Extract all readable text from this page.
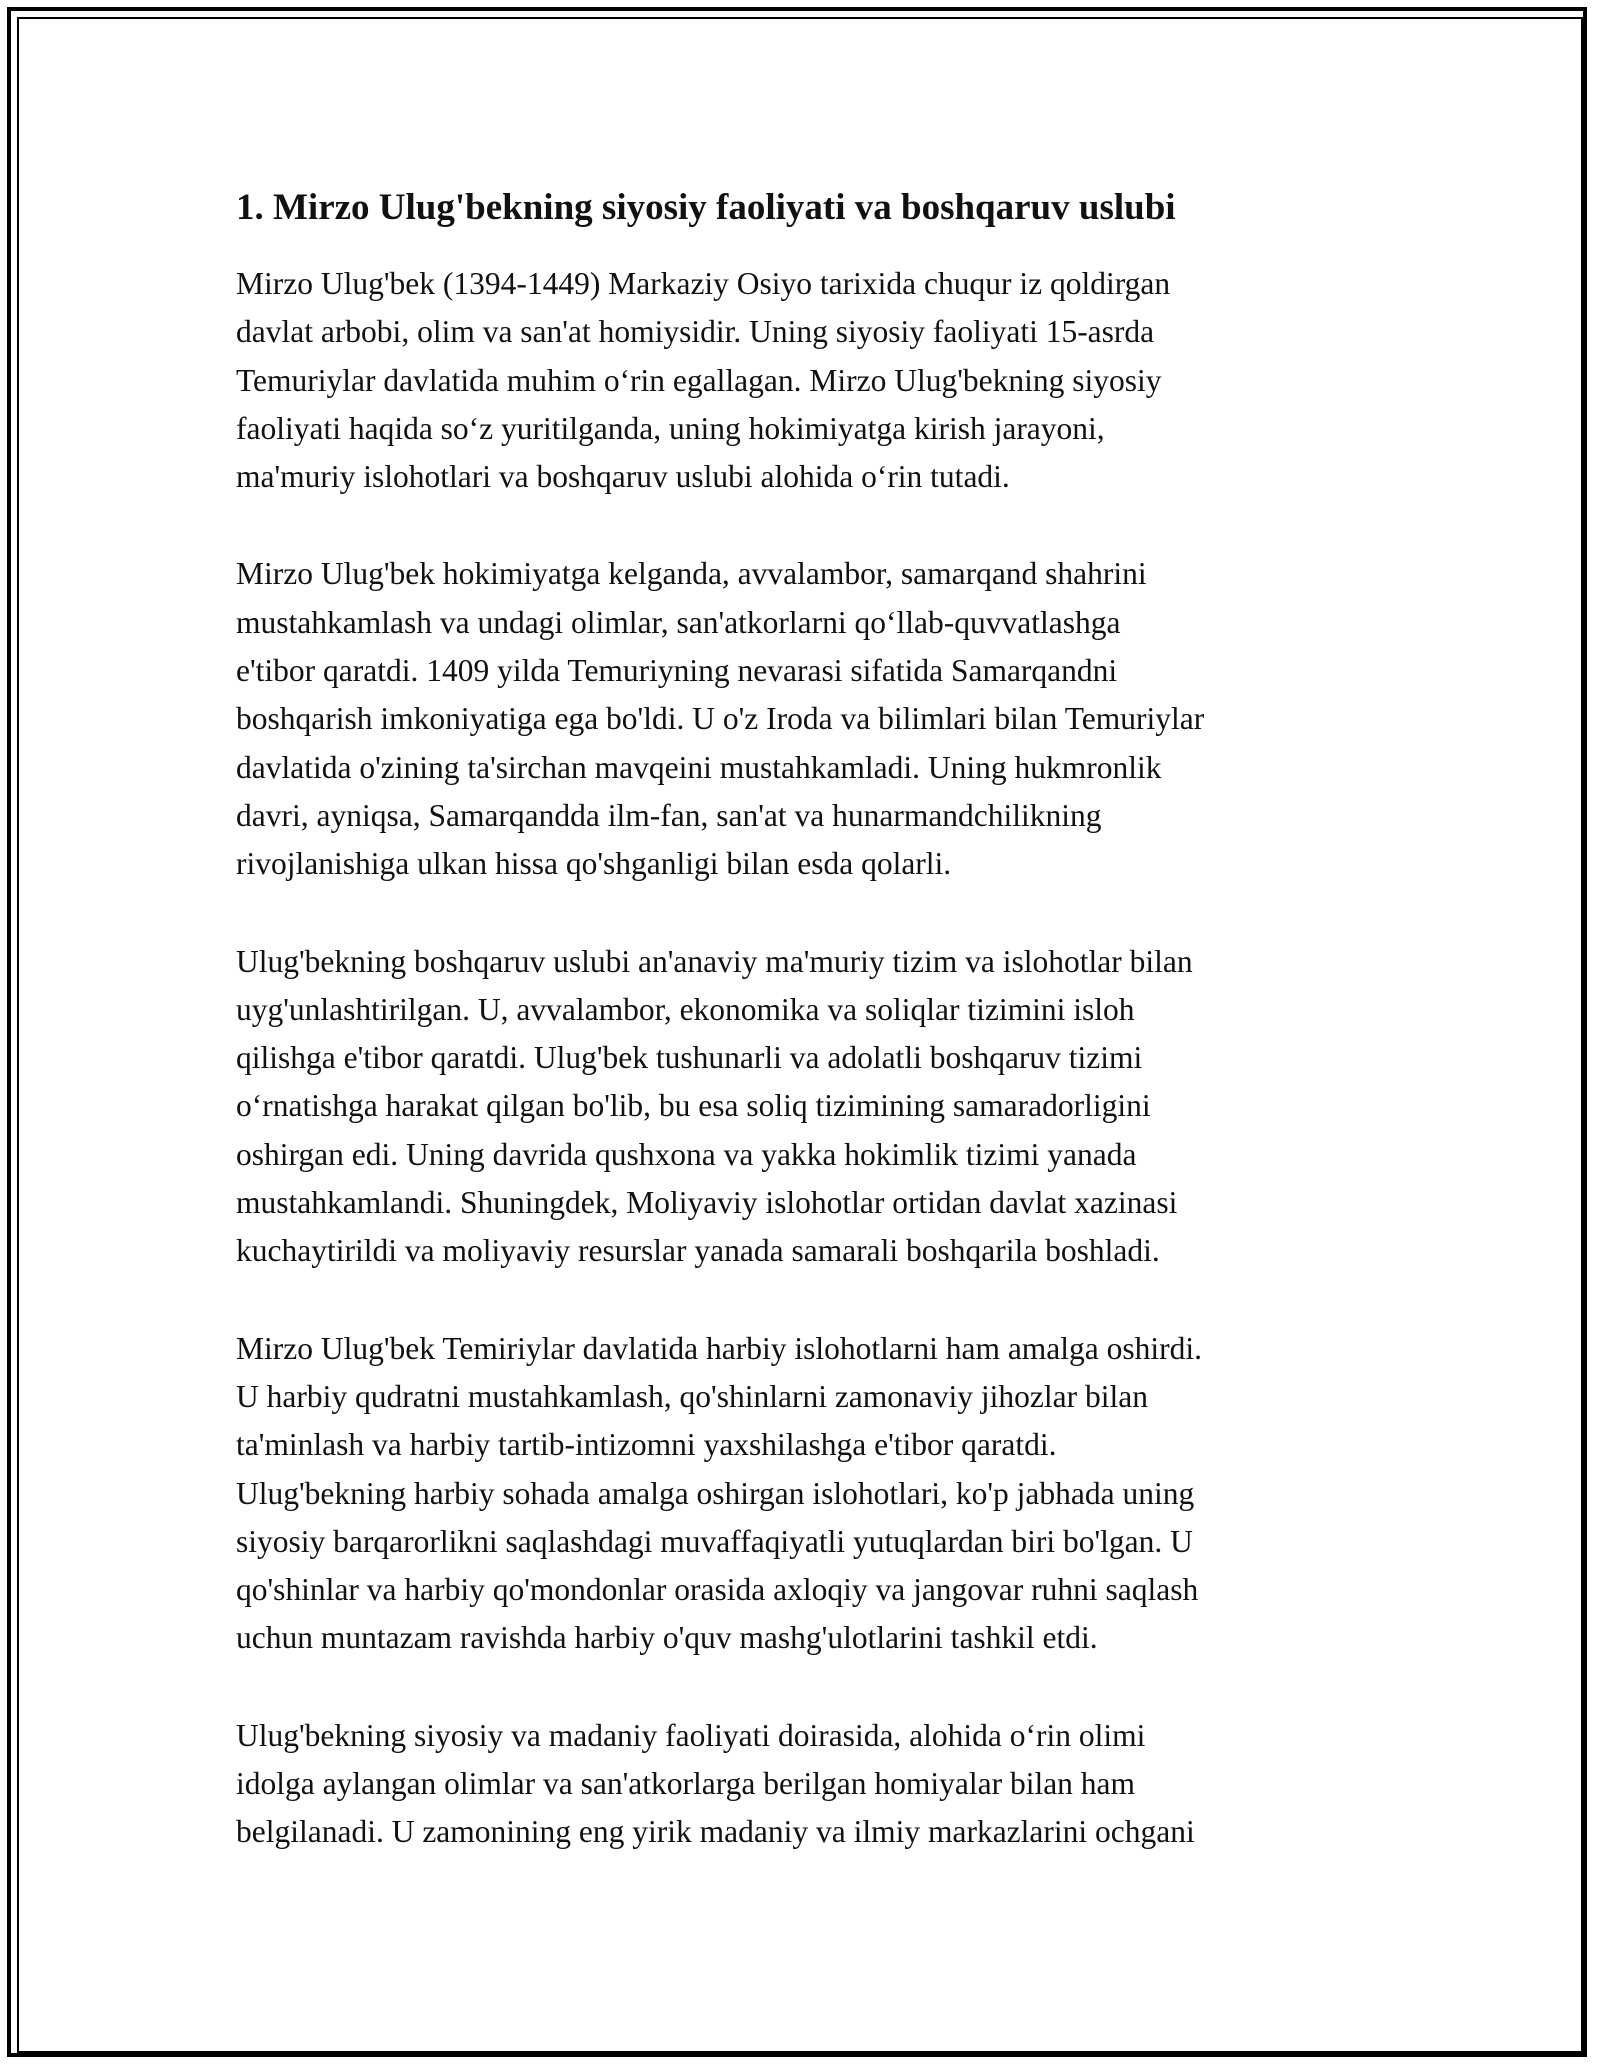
1. Mirzo Ulug'bekning siyosiy faoliyati va boshqaruv uslubi

Mirzo Ulug'bek (1394-1449) Markaziy Osiyo tarixida chuqur iz qoldirgan
davlat arbobi, olim va san'at homiysidir. Uning siyosiy faoliyati 15-asrda
Temuriylar davlatida muhim o‘rin egallagan. Mirzo Ulug'bekning siyosiy
faoliyati haqida so‘z yuritilganda, uning hokimiyatga kirish jarayoni,
ma'muriy islohotlari va boshqaruv uslubi alohida o‘rin tutadi.

Mirzo Ulug'bek hokimiyatga kelganda, avvalambor, samarqand shahrini
mustahkamlash va undagi olimlar, san'atkorlarni qo‘llab-quvvatlashga
e'tibor qaratdi. 1409 yilda Temuriyning nevarasi sifatida Samarqandni
boshqarish imkoniyatiga ega bo'ldi. U o'z Iroda va bilimlari bilan Temuriylar
davlatida o'zining ta'sirchan mavqeini mustahkamladi. Uning hukmronlik
davri, ayniqsa, Samarqandda ilm-fan, san'at va hunarmandchilikning
rivojlanishiga ulkan hissa qo'shganligi bilan esda qolarli.

Ulug'bekning boshqaruv uslubi an'anaviy ma'muriy tizim va islohotlar bilan
uyg'unlashtirilgan. U, avvalambor, ekonomika va soliqlar tizimini isloh
qilishga e'tibor qaratdi. Ulug'bek tushunarli va adolatli boshqaruv tizimi
o‘rnatishga harakat qilgan bo'lib, bu esa soliq tizimining samaradorligini
oshirgan edi. Uning davrida qushxona va yakka hokimlik tizimi yanada
mustahkamlandi. Shuningdek, Moliyaviy islohotlar ortidan davlat xazinasi
kuchaytirildi va moliyaviy resurslar yanada samarali boshqarila boshladi.

Mirzo Ulug'bek Temiriylar davlatida harbiy islohotlarni ham amalga oshirdi.
U harbiy qudratni mustahkamlash, qo'shinlarni zamonaviy jihozlar bilan
ta'minlash va harbiy tartib-intizomni yaxshilashga e'tibor qaratdi.
Ulug'bekning harbiy sohada amalga oshirgan islohotlari, ko'p jabhada uning
siyosiy barqarorlikni saqlashdagi muvaffaqiyatli yutuqlardan biri bo'lgan. U
qo'shinlar va harbiy qo'mondonlar orasida axloqiy va jangovar ruhni saqlash
uchun muntazam ravishda harbiy o'quv mashg'ulotlarini tashkil etdi.

Ulug'bekning siyosiy va madaniy faoliyati doirasida, alohida o‘rin olimi
idolga aylangan olimlar va san'atkorlarga berilgan homiyalar bilan ham
belgilanadi. U zamonining eng yirik madaniy va ilmiy markazlarini ochgani
